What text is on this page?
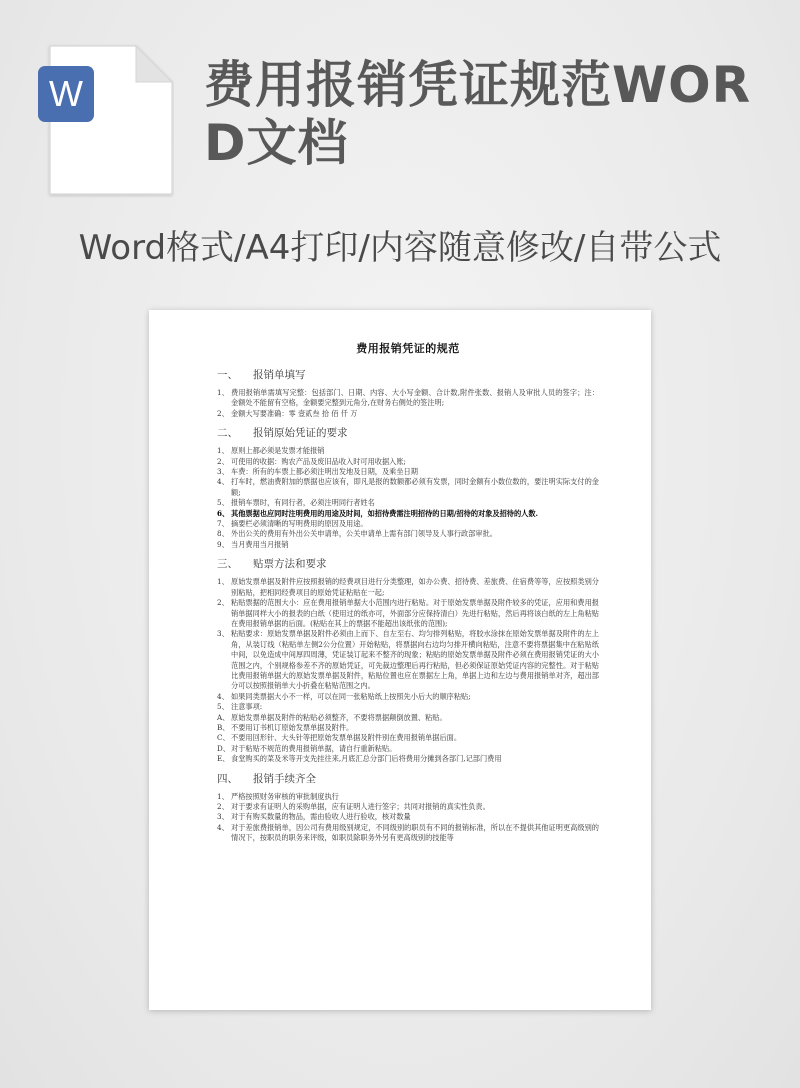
W 费用报销凭证规范WORD文档

Word格式/A4打印/内容随意修改/自带公式

费用报销凭证的规范
一、	报销单填写
1、 费用报销单需填写完整：包括部门、日期、内容、大小写金额、合计数,附件张数、报销人及审批人员的签字；注：金额处不能留有空格，金额要完整到元角分,在财务右侧处的签注明;
2、 金额大写要准确：零 壹贰叁 拾 佰 仟 万
二、	报销原始凭证的要求
1、 原则上都必须是发票才能报销
2、 可使用的收据：购农产品及废旧品收入时可用收据入账;
3、 车费：所有的车票上都必须注明出发地及日期，及乘坐日期
4、 打车时，燃油费附加的票据也应该有，即凡是报的数额都必须有发票，同时金额有小数位数的，要注明实际支付的金额;
5、 报销车票时，有同行者，必须注明同行者姓名
6、 其他票据也应同时注明费用的用途及时间，如招待费需注明招待的日期/招待的对象及招待的人数.
7、 摘要栏必须清晰的写明费用的原因及用途。
8、 外出公关的费用有外出公关申请单，公关申请单上需有部门领导及人事行政部审批。
9、 当月费用当月报销
三、	贴票方法和要求
1、 原始发票单据及附件应按照报销的经费项目进行分类整理，如办公费、招待费、差旅费、住宿费等等，应按照类别分别粘贴，把相同经费项目的原始凭证粘贴在一起;
2、 粘贴票据的范围大小：应在费用报销单据大小范围内进行粘贴。对于原始发票单据及附件较多的凭证，应用和费用报销单据同样大小的报表的白纸（使用过的纸亦可，外面部分应保持清白）先进行粘贴，然后再将该白纸的左上角粘贴在费用报销单据的后面。(粘贴在其上的票据不能超出该纸张的范围);
3、 粘贴要求：原始发票单据及附件必须由上而下、自左至右、均匀排列粘贴，将胶水涂抹在原始发票单据及附件的左上角，从装订线（粘贴单左侧2公分位置）开始粘贴，将票据向右边均匀排开横向粘贴，注意不要将票据集中在粘贴纸中间，以免造成中间厚四周薄，凭证装订起来不整齐的现象；粘贴的原始发票单据及附件必须在费用报销凭证的大小范围之内，个别规格参差不齐的原始凭证，可先裁边整理后再行粘贴，但必须保证原始凭证内容的完整性。对于粘贴比费用报销单据大的原始发票单据及附件，粘贴位置也应在票据左上角，单据上边和左边与费用报销单对齐，超出部分可以按照报销单大小折叠在粘贴范围之内。
4、 如果同类票据大小不一样，可以在同一张粘贴纸上按照先小后大的顺序粘贴;
5、 注意事项:
A、 原始发票单据及附件的粘贴必须整齐，不要将票据颠倒放置、粘贴。
B、 不要用订书机订原始发票单据及附件。
C、 不要用回形针、大头针等把原始发票单据及附件别在费用报销单据后面。
D、 对于粘贴不规范的费用报销单据，请自行重新粘贴。
E、 食堂购买的菜及米等开支先挂往来,月底汇总分部门后将费用分摊到各部门,记部门费用
四、	报销手续齐全
1、 严格按照财务审核的审批制度执行
2、 对于要求有证明人的采购单据，应有证明人进行签字；共同对报销的真实性负责。
3、 对于有购买数量的物品，需由验收人进行验收，核对数量
4、 对于差旅费报销单，因公司有费用级别规定，不同级别的职员有不同的报销标准，所以在不提供其他证明更高级别的情况下，按职员的职务来评级，如职员除职务外另有更高级别的技能等
